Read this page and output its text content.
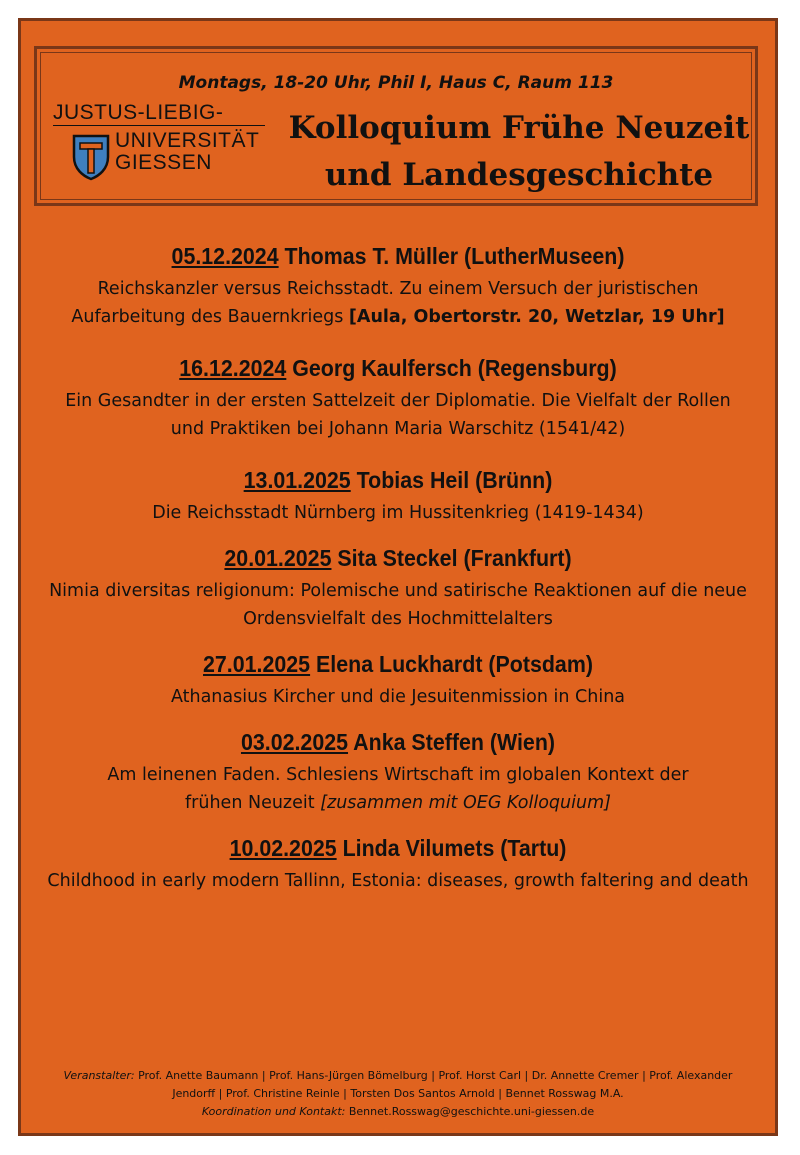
Montags, 18-20 Uhr, Phil I, Haus C, Raum 113
JUSTUS-LIEBIG-
UNIVERSITÄT
GIESSEN
Kolloquium Frühe Neuzeit
und Landesgeschichte
05.12.2024 Thomas T. Müller (LutherMuseen)
Reichskanzler versus Reichsstadt. Zu einem Versuch der juristischen Aufarbeitung des Bauernkriegs [Aula, Obertorstr. 20, Wetzlar, 19 Uhr]
16.12.2024 Georg Kaulfersch (Regensburg)
Ein Gesandter in der ersten Sattelzeit der Diplomatie. Die Vielfalt der Rollen und Praktiken bei Johann Maria Warschitz (1541/42)
13.01.2025 Tobias Heil (Brünn)
Die Reichsstadt Nürnberg im Hussitenkrieg (1419-1434)
20.01.2025 Sita Steckel (Frankfurt)
Nimia diversitas religionum: Polemische und satirische Reaktionen auf die neue Ordensvielfalt des Hochmittelalters
27.01.2025 Elena Luckhardt (Potsdam)
Athanasius Kircher und die Jesuitenmission in China
03.02.2025 Anka Steffen (Wien)
Am leinenen Faden. Schlesiens Wirtschaft im globalen Kontext der frühen Neuzeit [zusammen mit OEG Kolloquium]
10.02.2025 Linda Vilumets (Tartu)
Childhood in early modern Tallinn, Estonia: diseases, growth faltering and death
Veranstalter: Prof. Anette Baumann | Prof. Hans-Jürgen Bömelburg | Prof. Horst Carl | Dr. Annette Cremer | Prof. Alexander Jendorff | Prof. Christine Reinle | Torsten Dos Santos Arnold | Bennet Rosswag M.A.
Koordination und Kontakt: Bennet.Rosswag@geschichte.uni-giessen.de
